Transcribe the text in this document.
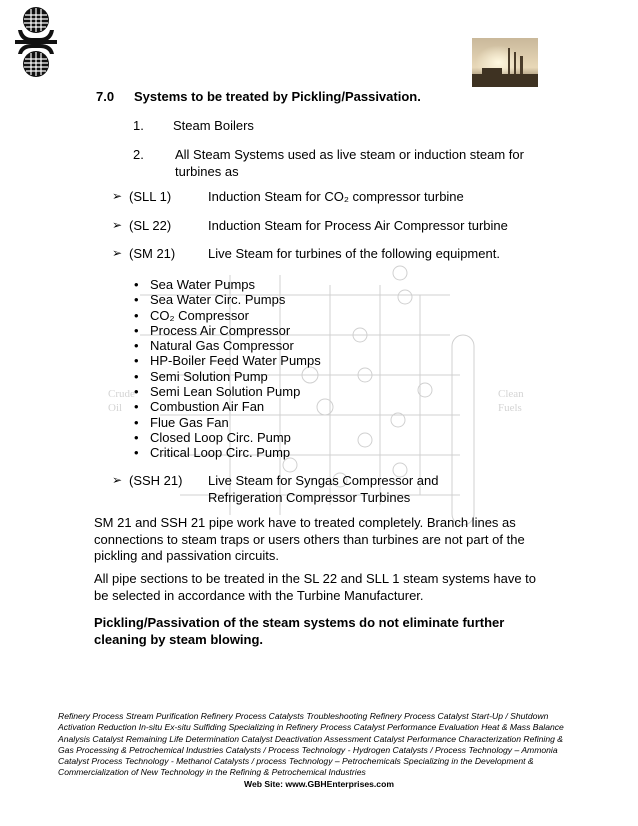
Crude
Oil
Clean
Fuels
7.0 Systems to be treated by Pickling/Passivation.
1. Steam Boilers
2. All Steam Systems used as live steam or induction steam for turbines as
➢ (SLL 1)	Induction Steam for CO₂ compressor turbine
➢ (SL 22)	Induction Steam for Process Air Compressor turbine
➢ (SM 21)	Live Steam for turbines of the following equipment.
• Sea Water Pumps
• Sea Water Circ. Pumps
• CO₂ Compressor
• Process Air Compressor
• Natural Gas Compressor
• HP-Boiler Feed Water Pumps
• Semi Solution Pump
• Semi Lean Solution Pump
• Combustion Air Fan
• Flue Gas Fan
• Closed Loop Circ. Pump
• Critical Loop Circ. Pump
➢ (SSH 21) Live Steam for Syngas Compressor and Refrigeration Compressor Turbines
SM 21 and SSH 21 pipe work have to treated completely. Branch lines as connections to steam traps or users others than turbines are not part of the pickling and passivation circuits.
All pipe sections to be treated in the SL 22 and SLL 1 steam systems have to be selected in accordance with the Turbine Manufacturer.
Pickling/Passivation of the steam systems do not eliminate further cleaning by steam blowing.
Refinery Process Stream Purification Refinery Process Catalysts Troubleshooting Refinery Process Catalyst Start-Up / Shutdown Activation Reduction In-situ Ex-situ Sulfiding Specializing in Refinery Process Catalyst Performance Evaluation Heat & Mass Balance Analysis Catalyst Remaining Life Determination Catalyst Deactivation Assessment Catalyst Performance Characterization Refining & Gas Processing & Petrochemical Industries Catalysts / Process Technology - Hydrogen Catalysts / Process Technology – Ammonia Catalyst Process Technology - Methanol Catalysts / process Technology – Petrochemicals Specializing in the Development & Commercialization of New Technology in the Refining & Petrochemical Industries
Web Site: www.GBHEnterprises.com
